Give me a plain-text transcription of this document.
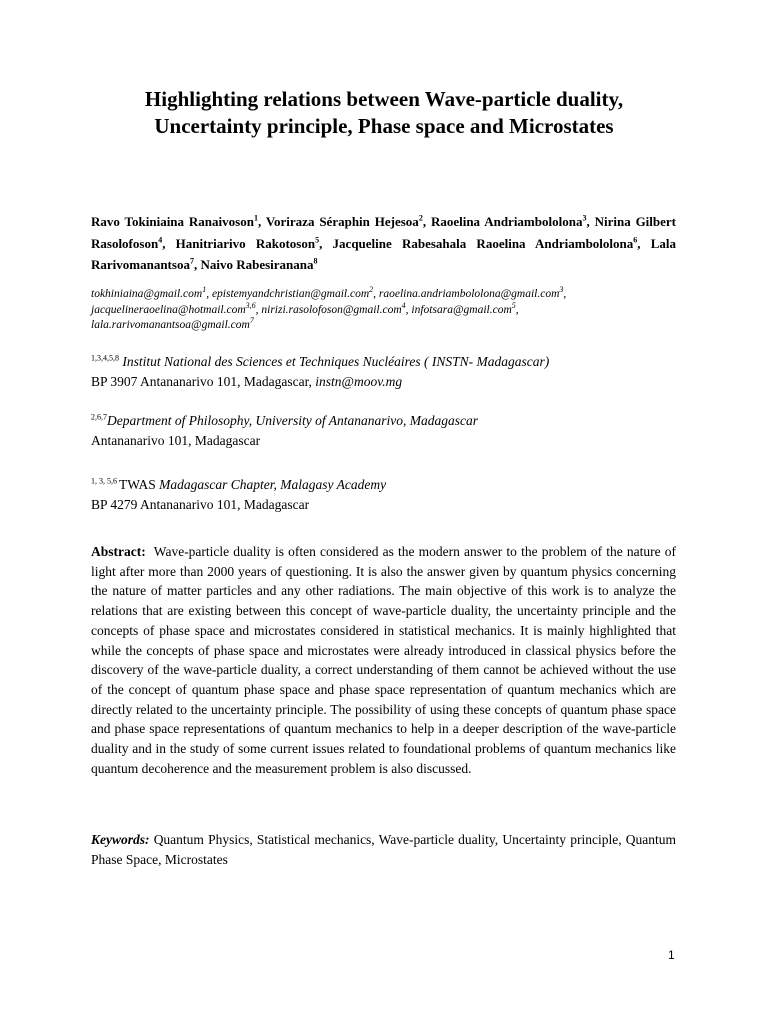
Highlighting relations between Wave-particle duality,
Uncertainty principle, Phase space and Microstates
Ravo Tokiniaina Ranaivoson$^1$, Voriraza Séraphin Hejesoa$^2$, Raoelina Andriambololona$^3$, Nirina Gilbert Rasolofoson$^4$, Hanitriarivo Rakotoson$^5$, Jacqueline Rabesahala Raoelina Andriambololona$^6$, Lala Rarivomanantsoa$^7$, Naivo Rabesiranana$^8$
tokhiniaina@gmail.com$^1$, epistemyandchristian@gmail.com$^2$, raoelina.andriambololona@gmail.com$^3$, jacquelineraoelina@hotmail.com$^{3,6}$, nirizi.rasolofoson@gmail.com$^4$, infotsara@gmail.com$^5$, lala.rarivomanantsoa@gmail.com$^7$
$^{1,3,4,5,8}$ Institut National des Sciences et Techniques Nucléaires ( INSTN- Madagascar)
BP 3907 Antananarivo 101, Madagascar, instn@moov.mg
$^{2,6,7}$Department of Philosophy, University of Antananarivo, Madagascar
Antananarivo 101, Madagascar
$^{1, 3, 5,6}$ TWAS Madagascar Chapter, Malagasy Academy
BP 4279 Antananarivo 101, Madagascar
Abstract: Wave-particle duality is often considered as the modern answer to the problem of the nature of light after more than 2000 years of questioning. It is also the answer given by quantum physics concerning the nature of matter particles and any other radiations. The main objective of this work is to analyze the relations that are existing between this concept of wave-particle duality, the uncertainty principle and the concepts of phase space and microstates considered in statistical mechanics. It is mainly highlighted that while the concepts of phase space and microstates were already introduced in classical physics before the discovery of the wave-particle duality, a correct understanding of them cannot be achieved without the use of the concept of quantum phase space and phase space representation of quantum mechanics which are directly related to the uncertainty principle. The possibility of using these concepts of quantum phase space and phase space representations of quantum mechanics to help in a deeper description of the wave-particle duality and in the study of some current issues related to foundational problems of quantum mechanics like quantum decoherence and the measurement problem is also discussed.
Keywords: Quantum Physics, Statistical mechanics, Wave-particle duality, Uncertainty principle, Quantum Phase Space, Microstates
1
